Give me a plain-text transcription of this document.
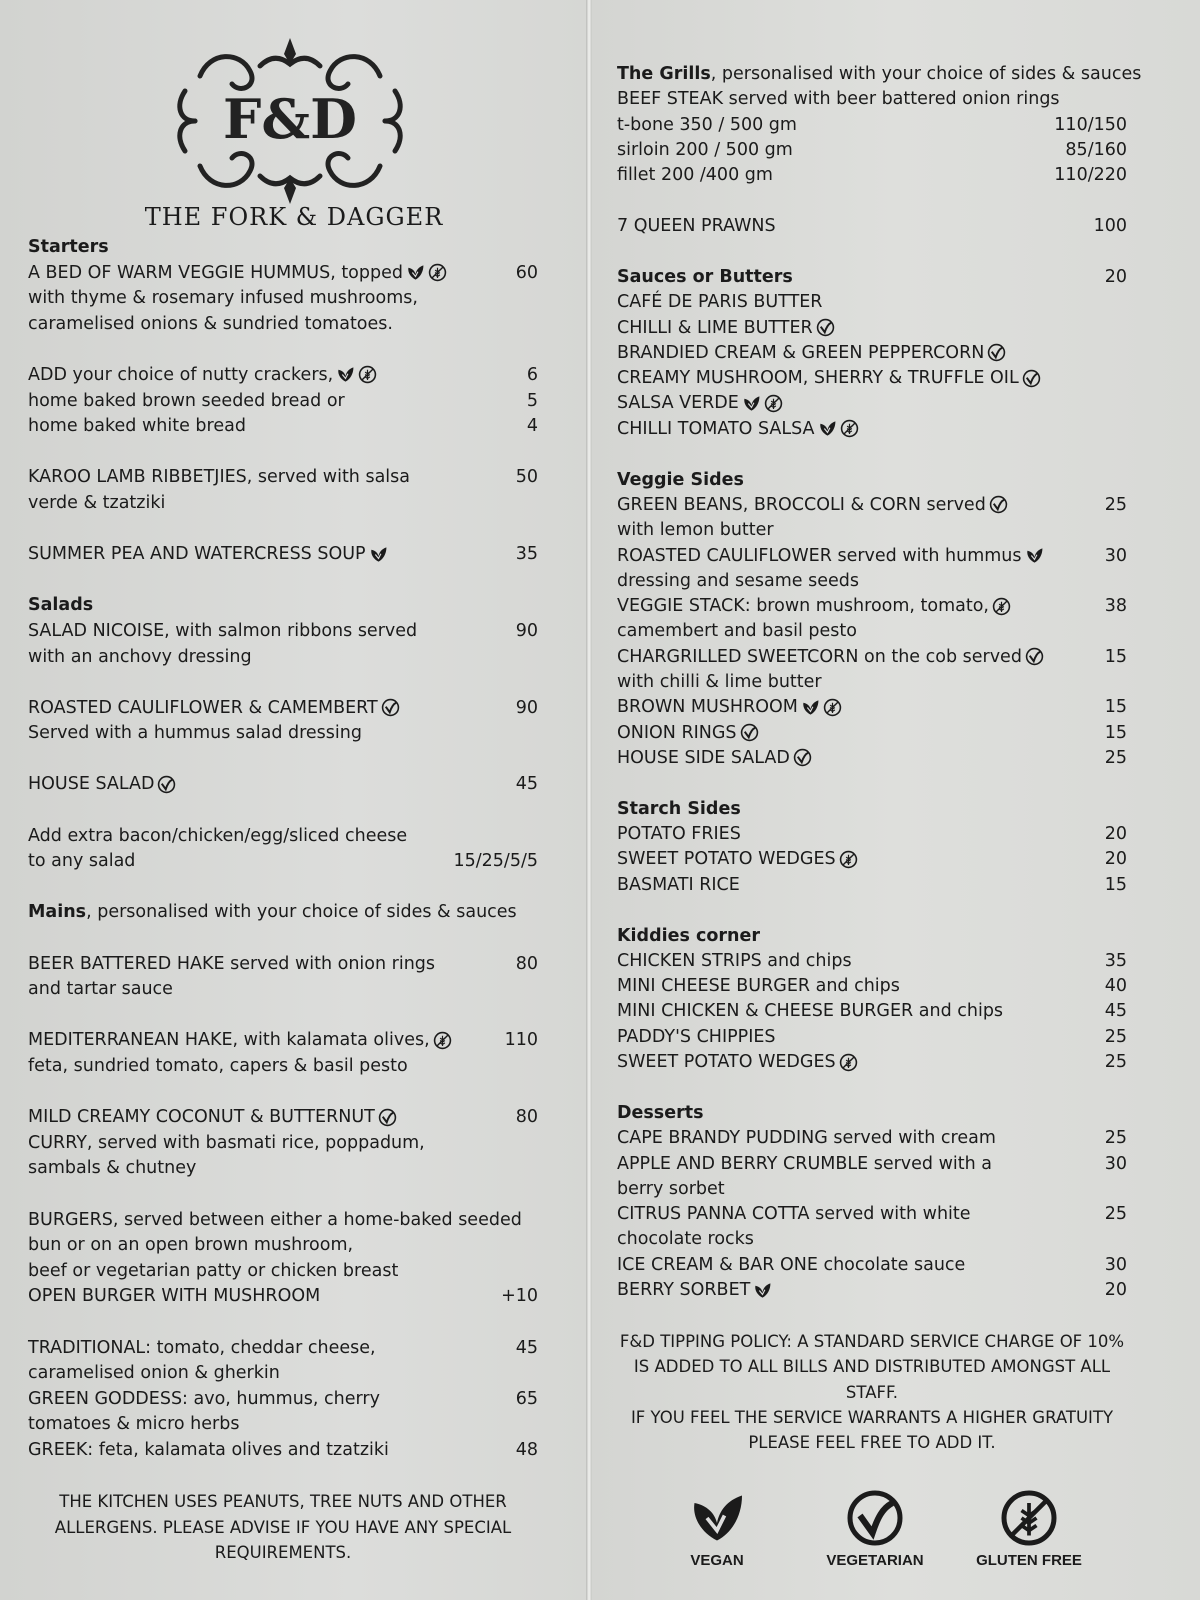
F&D
THE FORK & DAGGER
Starters
A BED OF WARM VEGGIE HUMMUS, topped	60
with thyme & rosemary infused mushrooms,
caramelised onions & sundried tomatoes.
ADD your choice of nutty crackers,	6
home baked brown seeded bread or	5
home baked white bread	4
KAROO LAMB RIBBETJIES, served with salsa	50
verde & tzatziki
SUMMER PEA AND WATERCRESS SOUP	35
Salads
SALAD NICOISE, with salmon ribbons served	90
with an anchovy dressing
ROASTED CAULIFLOWER & CAMEMBERT	90
Served with a hummus salad dressing
HOUSE SALAD	45
Add extra bacon/chicken/egg/sliced cheese
to any salad	15/25/5/5
Mains, personalised with your choice of sides & sauces
BEER BATTERED HAKE served with onion rings	80
and tartar sauce
MEDITERRANEAN HAKE, with kalamata olives,	110
feta, sundried tomato, capers & basil pesto
MILD CREAMY COCONUT & BUTTERNUT	80
CURRY, served with basmati rice, poppadum,
sambals & chutney
BURGERS, served between either a home-baked seeded
bun or on an open brown mushroom,
beef or vegetarian patty or chicken breast
OPEN BURGER WITH MUSHROOM	+10
TRADITIONAL: tomato, cheddar cheese,	45
caramelised onion & gherkin
GREEN GODDESS: avo, hummus, cherry	65
tomatoes & micro herbs
GREEK: feta, kalamata olives and tzatziki	48
THE KITCHEN USES PEANUTS, TREE NUTS AND OTHER
ALLERGENS. PLEASE ADVISE IF YOU HAVE ANY SPECIAL
REQUIREMENTS.
The Grills, personalised with your choice of sides & sauces
BEEF STEAK served with beer battered onion rings
t-bone 350 / 500 gm	110/150
sirloin 200 / 500 gm	85/160
fillet 200 /400 gm	110/220
7 QUEEN PRAWNS	100
Sauces or Butters	20
CAFÉ DE PARIS BUTTER
CHILLI & LIME BUTTER
BRANDIED CREAM & GREEN PEPPERCORN
CREAMY MUSHROOM, SHERRY & TRUFFLE OIL
SALSA VERDE
CHILLI TOMATO SALSA
Veggie Sides
GREEN BEANS, BROCCOLI & CORN served	25
with lemon butter
ROASTED CAULIFLOWER served with hummus	30
dressing and sesame seeds
VEGGIE STACK: brown mushroom, tomato,	38
camembert and basil pesto
CHARGRILLED SWEETCORN on the cob served	15
with chilli & lime butter
BROWN MUSHROOM	15
ONION RINGS	15
HOUSE SIDE SALAD	25
Starch Sides
POTATO FRIES	20
SWEET POTATO WEDGES	20
BASMATI RICE	15
Kiddies corner
CHICKEN STRIPS and chips	35
MINI CHEESE BURGER and chips	40
MINI CHICKEN & CHEESE BURGER and chips	45
PADDY'S CHIPPIES	25
SWEET POTATO WEDGES	25
Desserts
CAPE BRANDY PUDDING served with cream	25
APPLE AND BERRY CRUMBLE served with a	30
berry sorbet
CITRUS PANNA COTTA served with white	25
chocolate rocks
ICE CREAM & BAR ONE chocolate sauce	30
BERRY SORBET	20
F&D TIPPING POLICY: A STANDARD SERVICE CHARGE OF 10%
IS ADDED TO ALL BILLS AND DISTRIBUTED AMONGST ALL
STAFF.
IF YOU FEEL THE SERVICE WARRANTS A HIGHER GRATUITY
PLEASE FEEL FREE TO ADD IT.
VEGAN	VEGETARIAN	GLUTEN FREE
